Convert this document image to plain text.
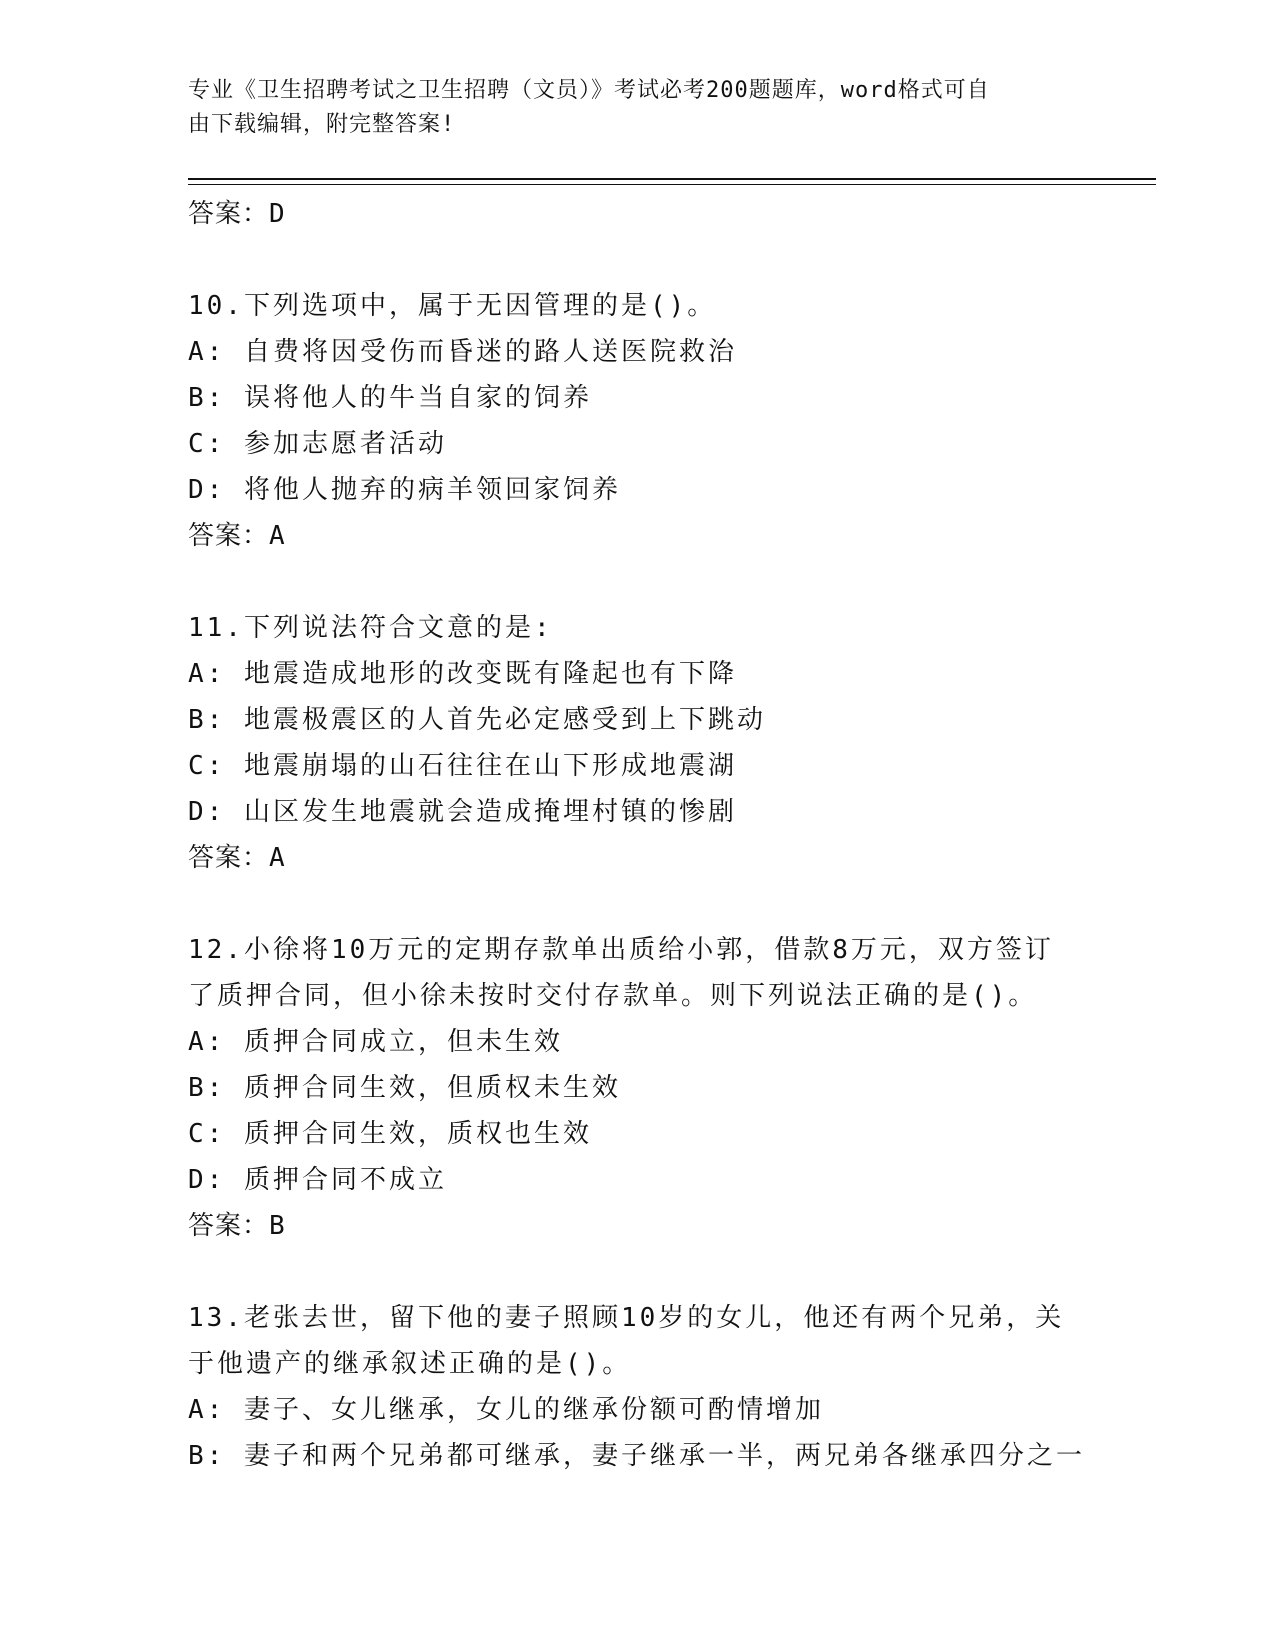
专业《卫生招聘考试之卫生招聘（文员）》考试必考200题题库，word格式可自
由下载编辑，附完整答案!
答案：D
10.下列选项中，属于无因管理的是()。
A: 自费将因受伤而昏迷的路人送医院救治
B: 误将他人的牛当自家的饲养
C: 参加志愿者活动
D: 将他人抛弃的病羊领回家饲养
答案：A
11.下列说法符合文意的是:
A: 地震造成地形的改变既有隆起也有下降
B: 地震极震区的人首先必定感受到上下跳动
C: 地震崩塌的山石往往在山下形成地震湖
D: 山区发生地震就会造成掩埋村镇的惨剧
答案：A
12.小徐将10万元的定期存款单出质给小郭，借款8万元，双方签订
了质押合同，但小徐未按时交付存款单。则下列说法正确的是()。
A: 质押合同成立，但未生效
B: 质押合同生效，但质权未生效
C: 质押合同生效，质权也生效
D: 质押合同不成立
答案：B
13.老张去世，留下他的妻子照顾10岁的女儿，他还有两个兄弟，关
于他遗产的继承叙述正确的是()。
A: 妻子、女儿继承，女儿的继承份额可酌情增加
B: 妻子和两个兄弟都可继承，妻子继承一半，两兄弟各继承四分之一
